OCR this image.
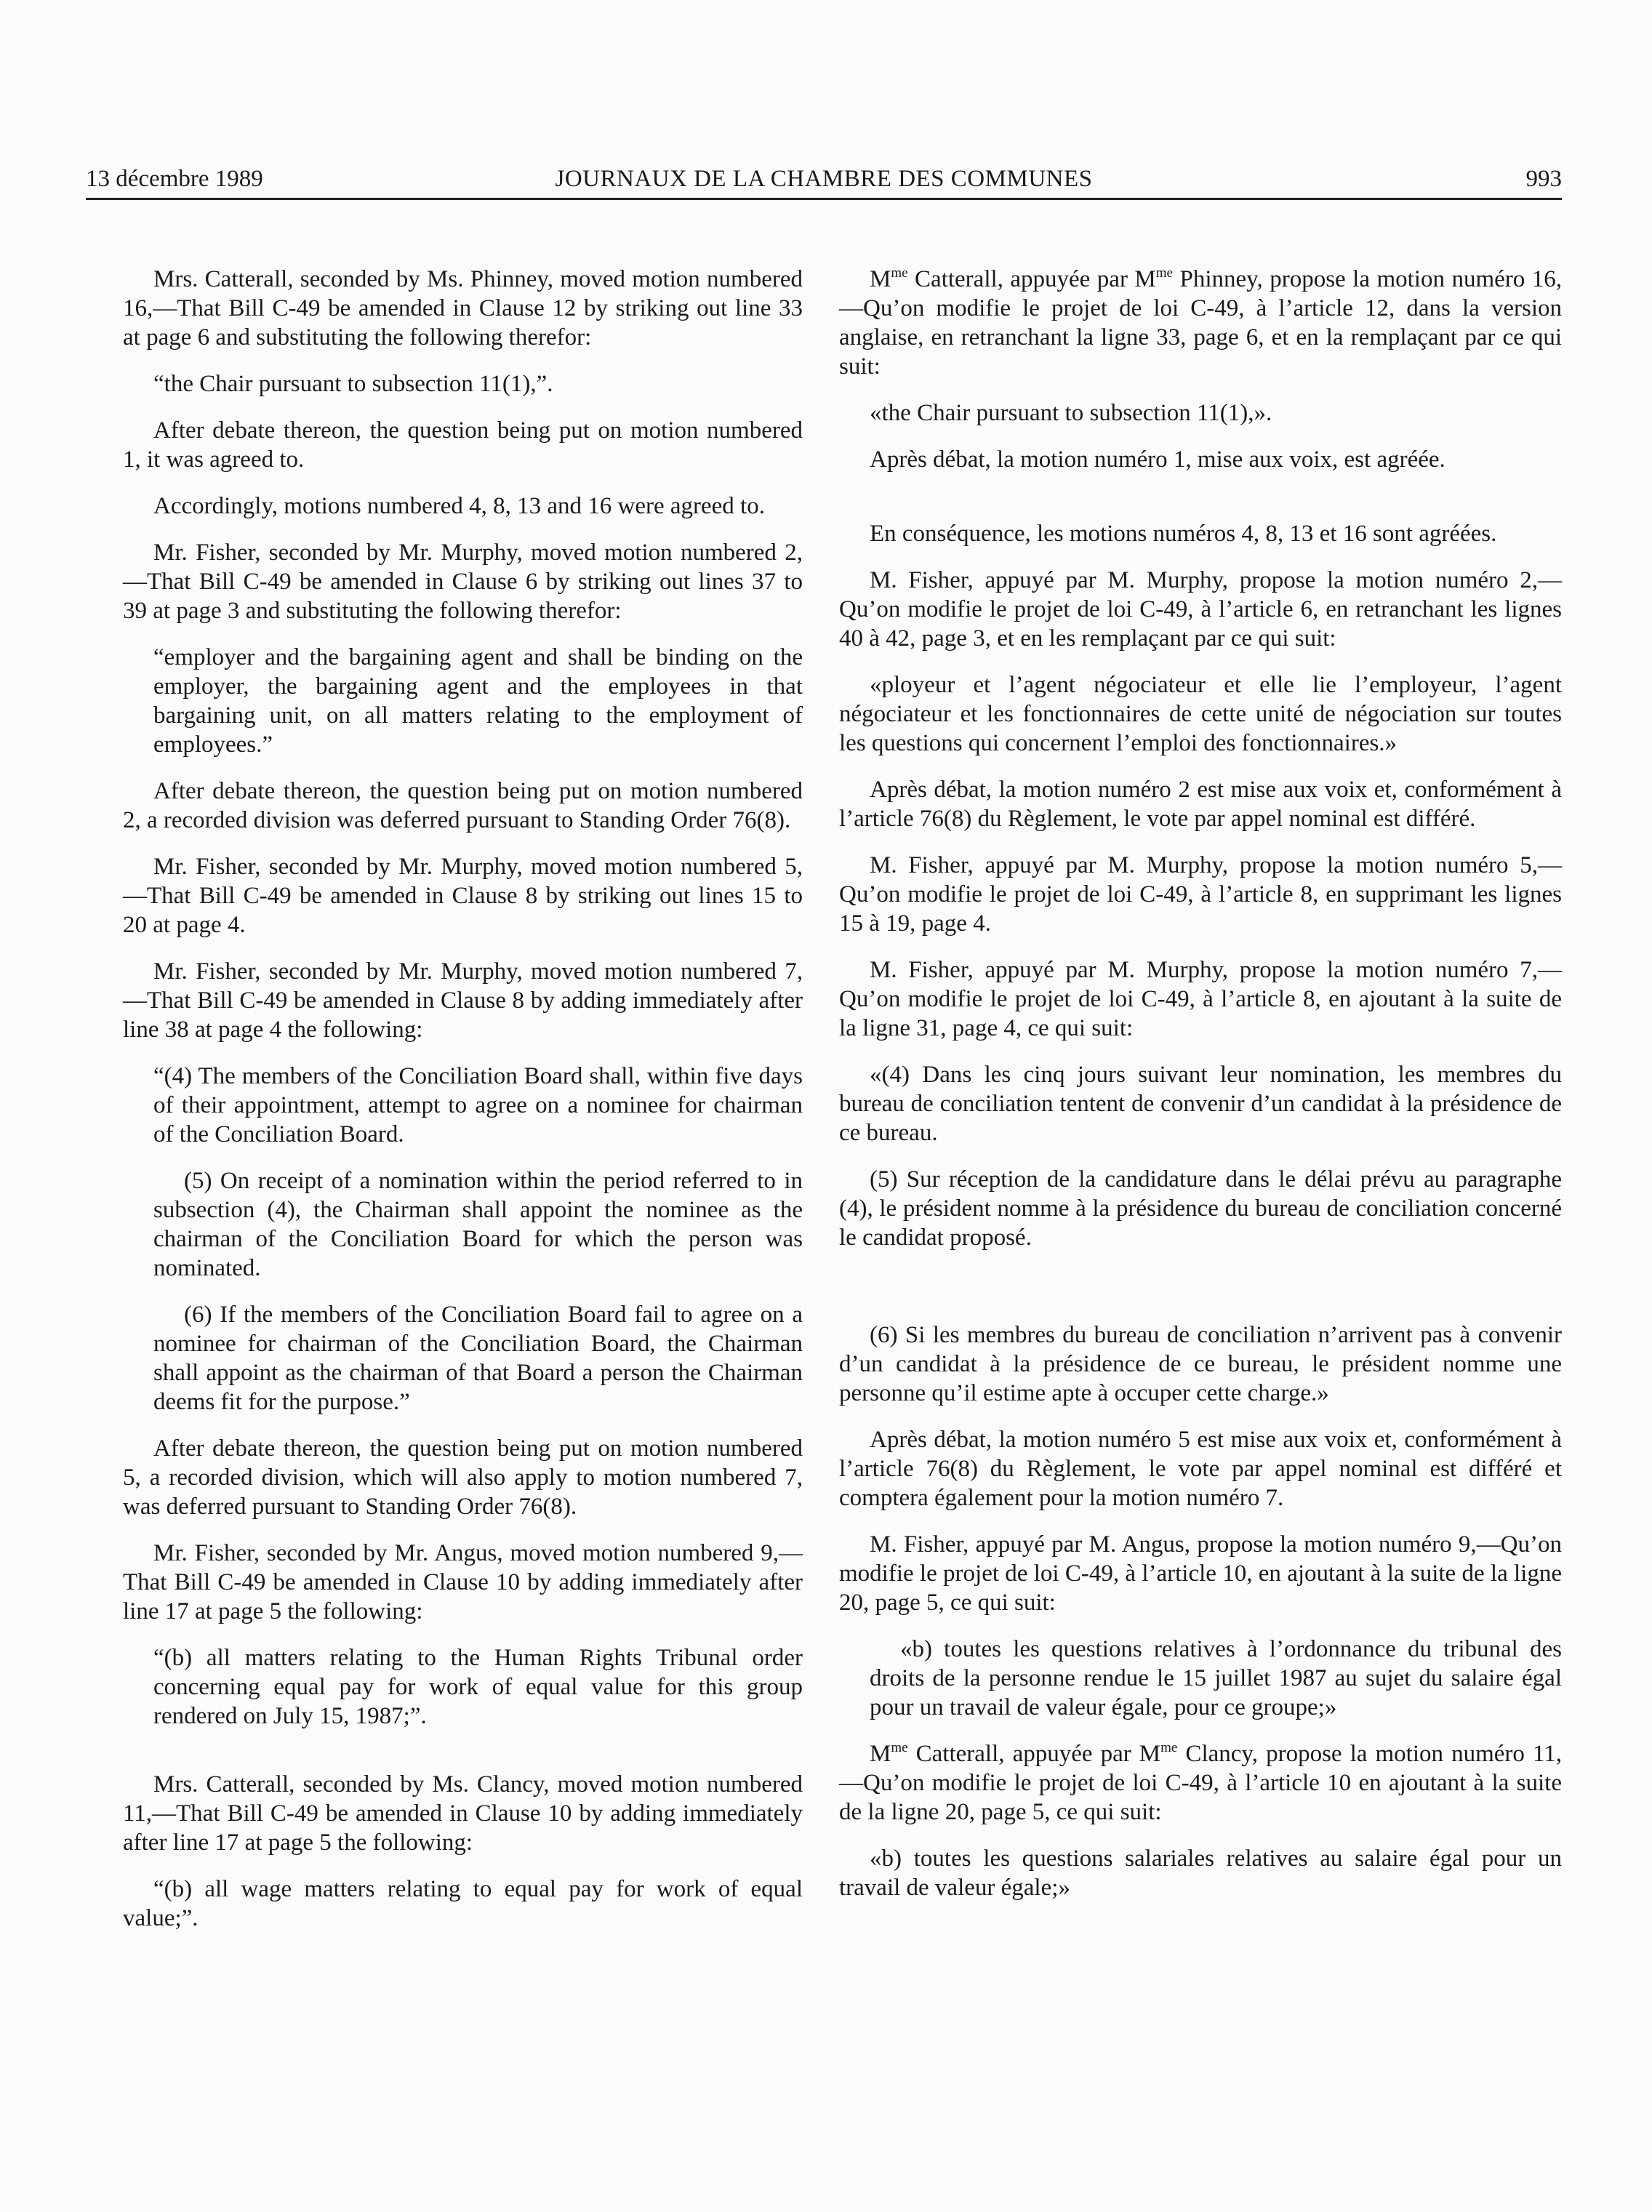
13 décembre 1989	JOURNAUX DE LA CHAMBRE DES COMMUNES	993

Mrs. Catterall, seconded by Ms. Phinney, moved motion numbered 16,—That Bill C-49 be amended in Clause 12 by striking out line 33 at page 6 and substituting the following therefor:

“the Chair pursuant to subsection 11(1),”.

After debate thereon, the question being put on motion numbered 1, it was agreed to.

Accordingly, motions numbered 4, 8, 13 and 16 were agreed to.

Mr. Fisher, seconded by Mr. Murphy, moved motion numbered 2,—That Bill C-49 be amended in Clause 6 by striking out lines 37 to 39 at page 3 and substituting the following therefor:

“employer and the bargaining agent and shall be binding on the employer, the bargaining agent and the employees in that bargaining unit, on all matters relating to the employment of employees.”

After debate thereon, the question being put on motion numbered 2, a recorded division was deferred pursuant to Standing Order 76(8).

Mr. Fisher, seconded by Mr. Murphy, moved motion numbered 5,—That Bill C-49 be amended in Clause 8 by striking out lines 15 to 20 at page 4.

Mr. Fisher, seconded by Mr. Murphy, moved motion numbered 7,—That Bill C-49 be amended in Clause 8 by adding immediately after line 38 at page 4 the following:

“(4) The members of the Conciliation Board shall, within five days of their appointment, attempt to agree on a nominee for chairman of the Conciliation Board.

(5) On receipt of a nomination within the period referred to in subsection (4), the Chairman shall appoint the nominee as the chairman of the Conciliation Board for which the person was nominated.

(6) If the members of the Conciliation Board fail to agree on a nominee for chairman of the Conciliation Board, the Chairman shall appoint as the chairman of that Board a person the Chairman deems fit for the purpose.”

After debate thereon, the question being put on motion numbered 5, a recorded division, which will also apply to motion numbered 7, was deferred pursuant to Standing Order 76(8).

Mr. Fisher, seconded by Mr. Angus, moved motion numbered 9,—That Bill C-49 be amended in Clause 10 by adding immediately after line 17 at page 5 the following:

“(b) all matters relating to the Human Rights Tribunal order concerning equal pay for work of equal value for this group rendered on July 15, 1987;”.

Mrs. Catterall, seconded by Ms. Clancy, moved motion numbered 11,—That Bill C-49 be amended in Clause 10 by adding immediately after line 17 at page 5 the following:

“(b) all wage matters relating to equal pay for work of equal value;”.

$M^{me}$ Catterall, appuyée par $M^{me}$ Phinney, propose la motion numéro 16,—Qu’on modifie le projet de loi C-49, à l’article 12, dans la version anglaise, en retranchant la ligne 33, page 6, et en la remplaçant par ce qui suit:

«the Chair pursuant to subsection 11(1),».

Après débat, la motion numéro 1, mise aux voix, est agréée.

En conséquence, les motions numéros 4, 8, 13 et 16 sont agréées.

M. Fisher, appuyé par M. Murphy, propose la motion numéro 2,—Qu’on modifie le projet de loi C-49, à l’article 6, en retranchant les lignes 40 à 42, page 3, et en les remplaçant par ce qui suit:

«ployeur et l’agent négociateur et elle lie l’employeur, l’agent négociateur et les fonctionnaires de cette unité de négociation sur toutes les questions qui concernent l’emploi des fonctionnaires.»

Après débat, la motion numéro 2 est mise aux voix et, conformément à l’article 76(8) du Règlement, le vote par appel nominal est différé.

M. Fisher, appuyé par M. Murphy, propose la motion numéro 5,—Qu’on modifie le projet de loi C-49, à l’article 8, en supprimant les lignes 15 à 19, page 4.

M. Fisher, appuyé par M. Murphy, propose la motion numéro 7,—Qu’on modifie le projet de loi C-49, à l’article 8, en ajoutant à la suite de la ligne 31, page 4, ce qui suit:

«(4) Dans les cinq jours suivant leur nomination, les membres du bureau de conciliation tentent de convenir d’un candidat à la présidence de ce bureau.

(5) Sur réception de la candidature dans le délai prévu au paragraphe (4), le président nomme à la présidence du bureau de conciliation concerné le candidat proposé.

(6) Si les membres du bureau de conciliation n’arrivent pas à convenir d’un candidat à la présidence de ce bureau, le président nomme une personne qu’il estime apte à occuper cette charge.»

Après débat, la motion numéro 5 est mise aux voix et, conformément à l’article 76(8) du Règlement, le vote par appel nominal est différé et comptera également pour la motion numéro 7.

M. Fisher, appuyé par M. Angus, propose la motion numéro 9,—Qu’on modifie le projet de loi C-49, à l’article 10, en ajoutant à la suite de la ligne 20, page 5, ce qui suit:

«b) toutes les questions relatives à l’ordonnance du tribunal des droits de la personne rendue le 15 juillet 1987 au sujet du salaire égal pour un travail de valeur égale, pour ce groupe;»

$M^{me}$ Catterall, appuyée par $M^{me}$ Clancy, propose la motion numéro 11,—Qu’on modifie le projet de loi C-49, à l’article 10 en ajoutant à la suite de la ligne 20, page 5, ce qui suit:

«b) toutes les questions salariales relatives au salaire égal pour un travail de valeur égale;»
